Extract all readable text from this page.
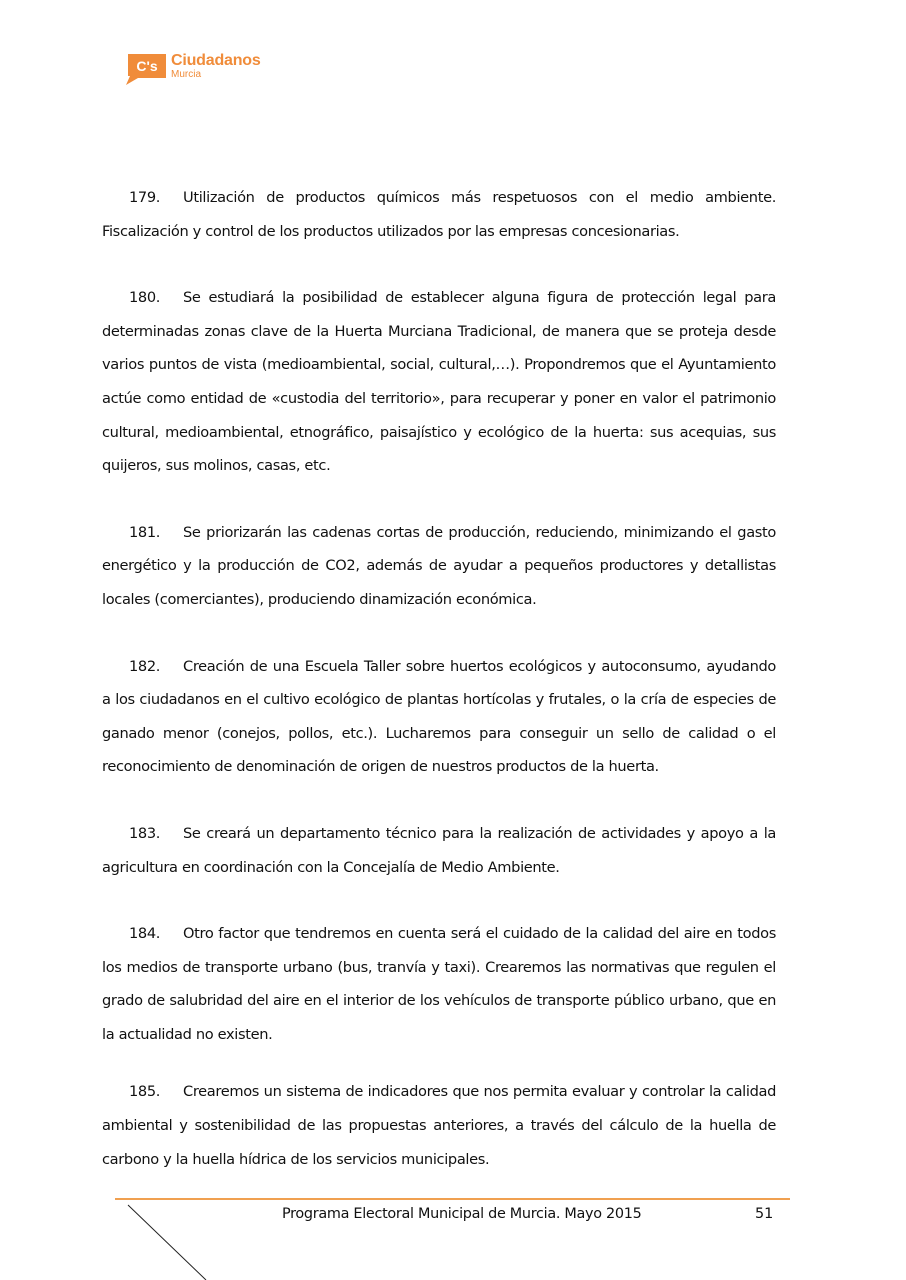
C's Ciudadanos
Murcia

179. Utilización de productos químicos más respetuosos con el medio ambiente. Fiscalización y control de los productos utilizados por las empresas concesionarias.

180. Se estudiará la posibilidad de establecer alguna figura de protección legal para determinadas zonas clave de la Huerta Murciana Tradicional, de manera que se proteja desde varios puntos de vista (medioambiental, social, cultural,…). Propondremos que el Ayuntamiento actúe como entidad de «custodia del territorio», para recuperar y poner en valor el patrimonio cultural, medioambiental, etnográfico, paisajístico y ecológico de la huerta: sus acequias, sus quijeros, sus molinos, casas, etc.

181. Se priorizarán las cadenas cortas de producción, reduciendo, minimizando el gasto energético y la producción de CO2, además de ayudar a pequeños productores y detallistas locales (comerciantes), produciendo dinamización económica.

182. Creación de una Escuela Taller sobre huertos ecológicos y autoconsumo, ayudando a los ciudadanos en el cultivo ecológico de plantas hortícolas y frutales, o la cría de especies de ganado menor (conejos, pollos, etc.). Lucharemos para conseguir un sello de calidad o el reconocimiento de denominación de origen de nuestros productos de la huerta.

183. Se creará un departamento técnico para la realización de actividades y apoyo a la agricultura en coordinación con la Concejalía de Medio Ambiente.

184. Otro factor que tendremos en cuenta será el cuidado de la calidad del aire en todos los medios de transporte urbano (bus, tranvía y taxi). Crearemos las normativas que regulen el grado de salubridad del aire en el interior de los vehículos de transporte público urbano, que en la actualidad no existen.

185. Crearemos un sistema de indicadores que nos permita evaluar y controlar la calidad ambiental y sostenibilidad de las propuestas anteriores, a través del cálculo de la huella de carbono y la huella hídrica de los servicios municipales.

Programa Electoral Municipal de Murcia. Mayo 2015	51
